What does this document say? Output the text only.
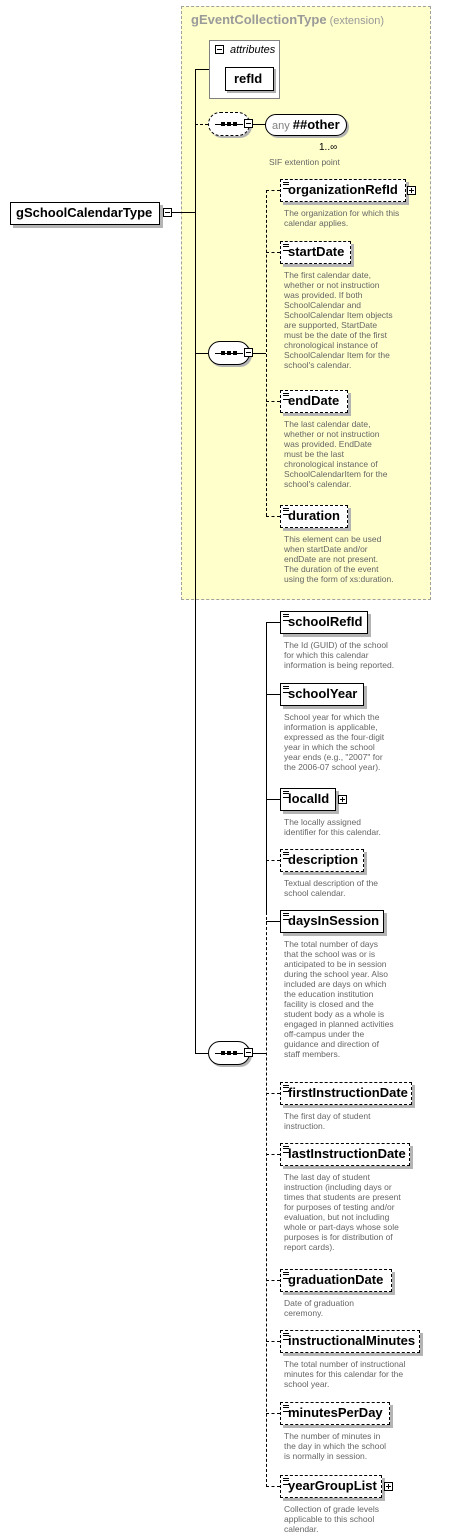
gEventCollectionType (extension)
attributes
refId
gSchoolCalendarType
any ##other
1..∞
SIF extention point
organizationRefId
The organization for which this
calendar applies.
startDate
The first calendar date,
whether or not instruction
was provided. If both
SchoolCalendar and
SchoolCalendar Item objects
are supported, StartDate
must be the date of the first
chronological instance of
SchoolCalendar Item for the
school's calendar.
endDate
The last calendar date,
whether or not instruction
was provided. EndDate
must be the last
chronological instance of
SchoolCalendarItem for the
school's calendar.
duration
This element can be used
when startDate and/or
endDate are not present.
The duration of the event
using the form of xs:duration.
schoolRefId
The Id (GUID) of the school
for which this calendar
information is being reported.
schoolYear
School year for which the
information is applicable,
expressed as the four-digit
year in which the school
year ends (e.g., "2007" for
the 2006-07 school year).
localId
The locally assigned
identifier for this calendar.
description
Textual description of the
school calendar.
daysInSession
The total number of days
that the school was or is
anticipated to be in session
during the school year. Also
included are days on which
the education institution
facility is closed and the
student body as a whole is
engaged in planned activities
off-campus under the
guidance and direction of
staff members.
firstInstructionDate
The first day of student
instruction.
lastInstructionDate
The last day of student
instruction (including days or
times that students are present
for purposes of testing and/or
evaluation, but not including
whole or part-days whose sole
purposes is for distribution of
report cards).
graduationDate
Date of graduation
ceremony.
instructionalMinutes
The total number of instructional
minutes for this calendar for the
school year.
minutesPerDay
The number of minutes in
the day in which the school
is normally in session.
yearGroupList
Collection of grade levels
applicable to this school
calendar.
